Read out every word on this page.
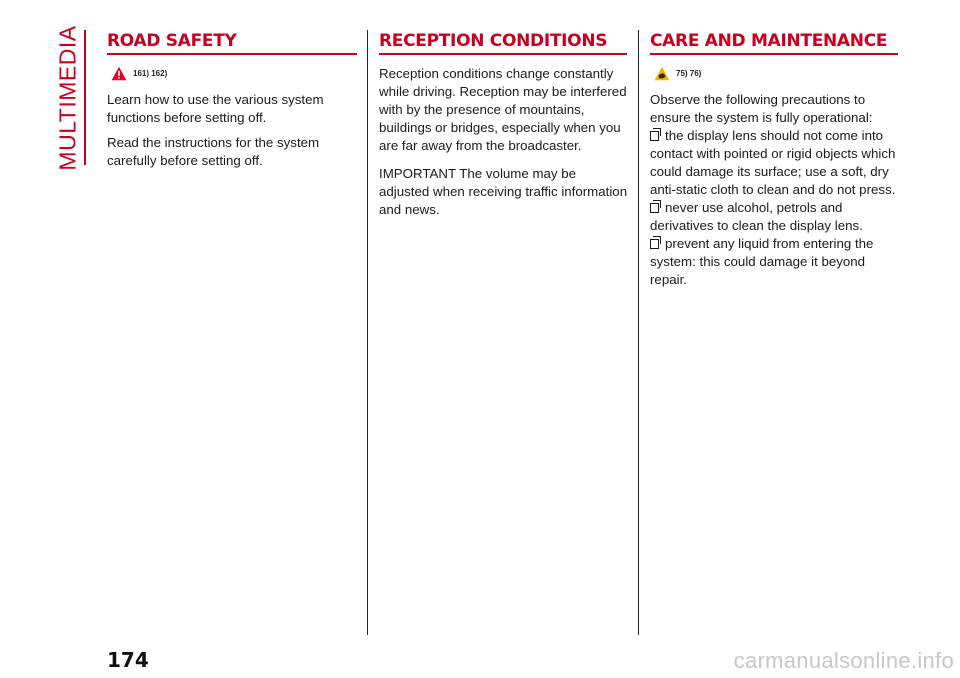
MULTIMEDIA ROAD SAFETY
161) 162)

Learn how to use the various system functions before setting off.

Read the instructions for the system carefully before setting off.

RECEPTION CONDITIONS

Reception conditions change constantly while driving. Reception may be interfered with by the presence of mountains, buildings or bridges, especially when you are far away from the broadcaster.

IMPORTANT The volume may be adjusted when receiving traffic information and news.

CARE AND MAINTENANCE
75) 76)

Observe the following precautions to ensure the system is fully operational:

the display lens should not come into contact with pointed or rigid objects which could damage its surface; use a soft, dry anti-static cloth to clean and do not press.
never use alcohol, petrols and derivatives to clean the display lens.
prevent any liquid from entering the system: this could damage it beyond repair.
174	carmanualsonline.info
